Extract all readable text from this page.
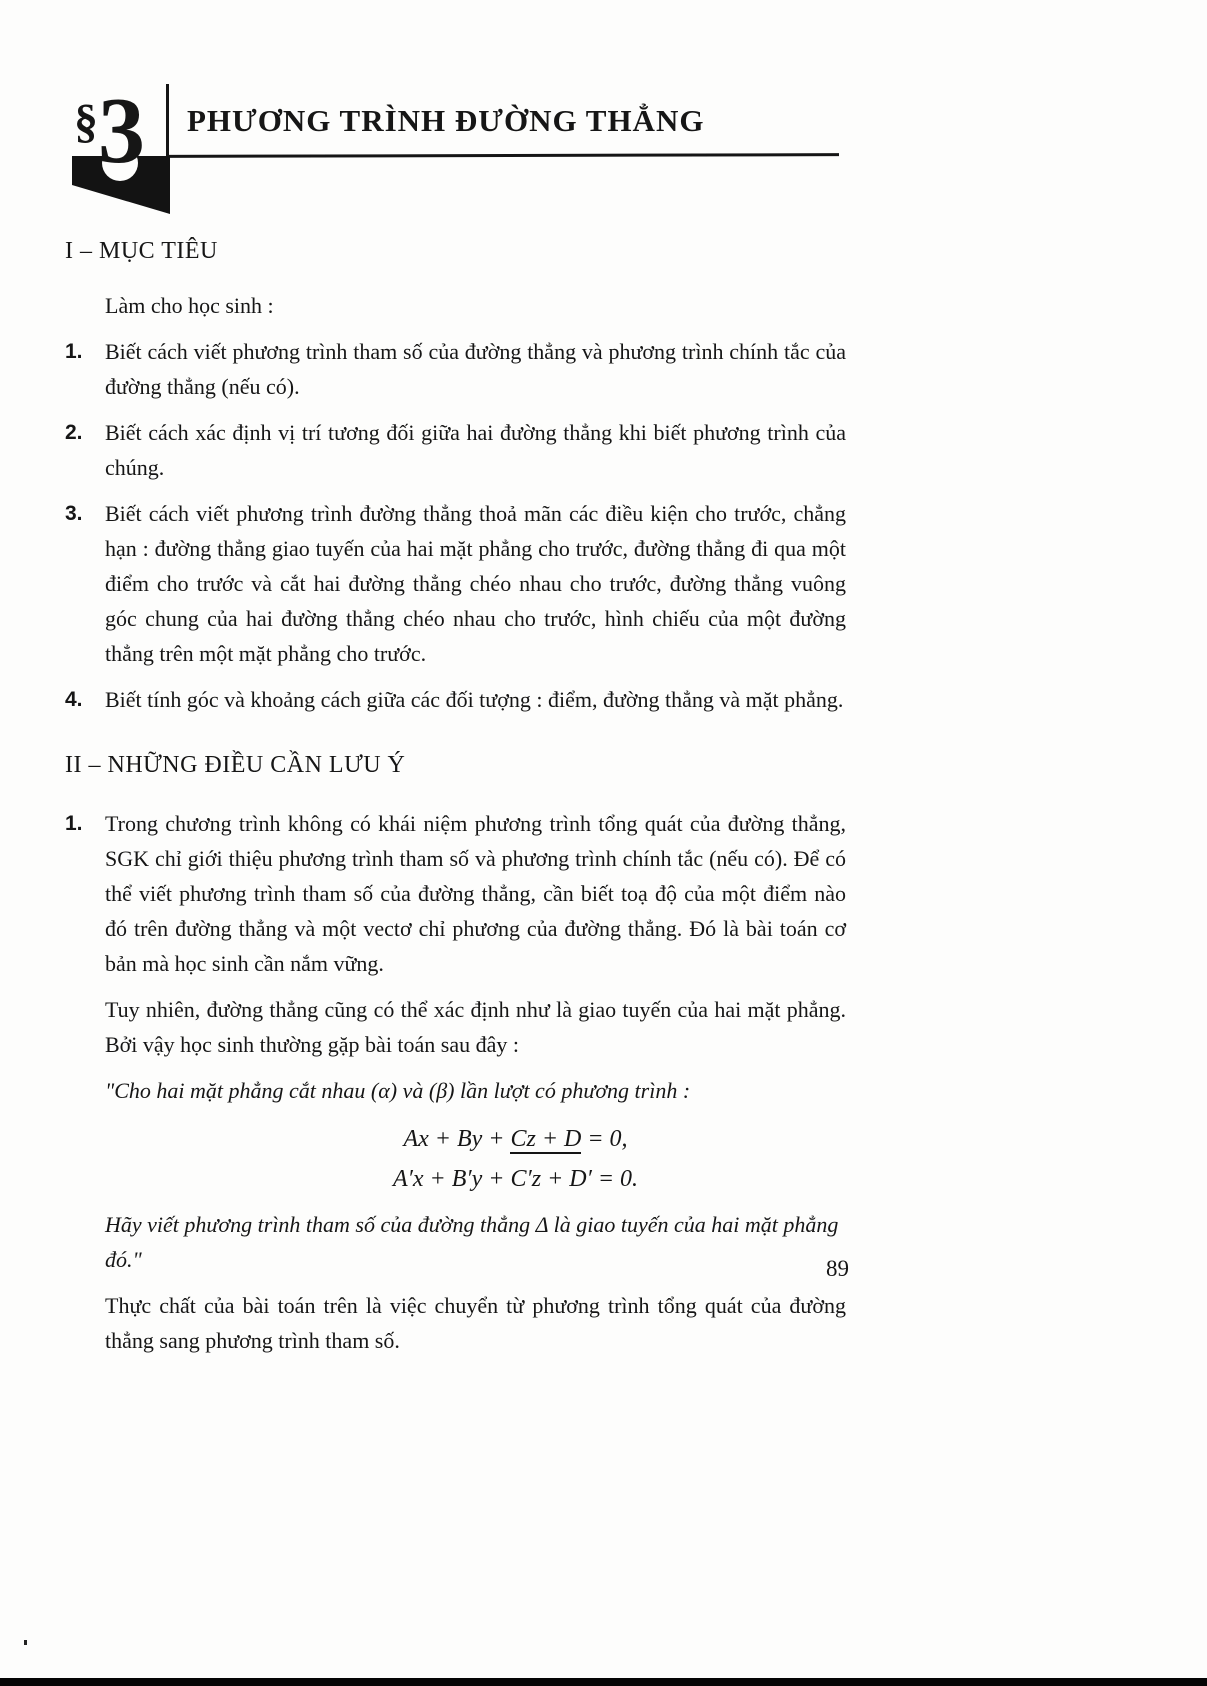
§ 3 PHƯƠNG TRÌNH ĐƯỜNG THẲNG
I – MỤC TIÊU
Làm cho học sinh :
1.	Biết cách viết phương trình tham số của đường thẳng và phương trình chính tắc của đường thẳng (nếu có).
2.	Biết cách xác định vị trí tương đối giữa hai đường thẳng khi biết phương trình của chúng.
3.	Biết cách viết phương trình đường thẳng thoả mãn các điều kiện cho trước, chẳng hạn : đường thẳng giao tuyến của hai mặt phẳng cho trước, đường thẳng đi qua một điểm cho trước và cắt hai đường thẳng chéo nhau cho trước, đường thẳng vuông góc chung của hai đường thẳng chéo nhau cho trước, hình chiếu của một đường thẳng trên một mặt phẳng cho trước.
4.	Biết tính góc và khoảng cách giữa các đối tượng : điểm, đường thẳng và mặt phẳng.
II – NHỮNG ĐIỀU CẦN LƯU Ý
1.	Trong chương trình không có khái niệm phương trình tổng quát của đường thẳng, SGK chỉ giới thiệu phương trình tham số và phương trình chính tắc (nếu có). Để có thể viết phương trình tham số của đường thẳng, cần biết toạ độ của một điểm nào đó trên đường thẳng và một vectơ chỉ phương của đường thẳng. Đó là bài toán cơ bản mà học sinh cần nắm vững.
Tuy nhiên, đường thẳng cũng có thể xác định như là giao tuyến của hai mặt phẳng. Bởi vậy học sinh thường gặp bài toán sau đây :
"Cho hai mặt phẳng cắt nhau (α) và (β) lần lượt có phương trình :
Ax + By + Cz + D = 0,
A′x + B′y + C′z + D′ = 0.
Hãy viết phương trình tham số của đường thẳng Δ là giao tuyến của hai mặt phẳng đó."
Thực chất của bài toán trên là việc chuyển từ phương trình tổng quát của đường thẳng sang phương trình tham số.
89
